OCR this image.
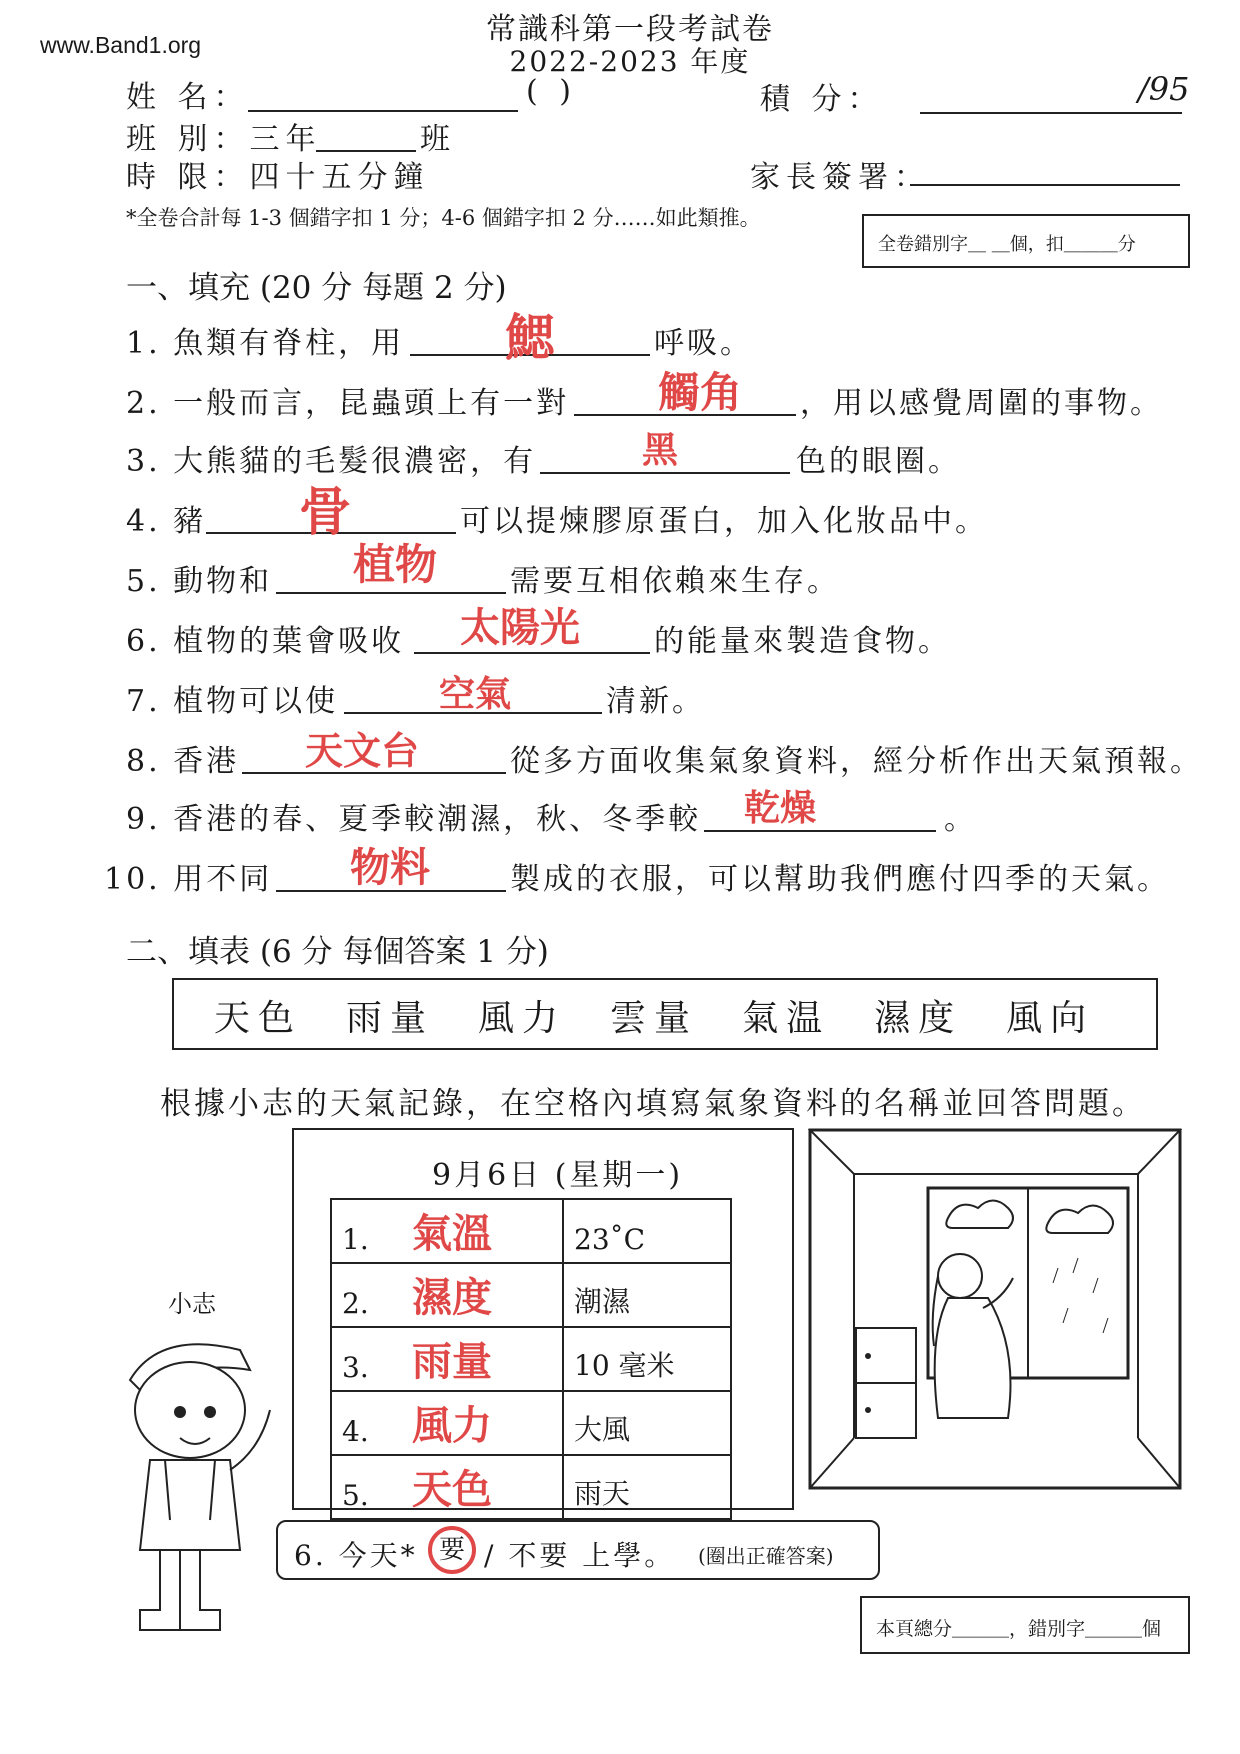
www.Band1.org	常識科第一段考試卷
2022-2023 年度
姓 名：	( )	積 分：	/95
班 別：三年	班
時 限：四十五分鐘	家長簽署：
*全卷合計每 1-3 個錯字扣 1 分；4-6 個錯字扣 2 分……如此類推。
全卷錯別字＿ ＿個，扣＿＿＿分
一、填充 (20 分 每題 2 分)
1. 魚類有脊柱，用	鰓	呼吸。
2. 一般而言，昆蟲頭上有一對	觸角	，用以感覺周圍的事物。
3. 大熊貓的毛髮很濃密，有	黑	色的眼圈。
4. 豬	骨	可以提煉膠原蛋白，加入化妝品中。
5. 動物和	植物	需要互相依賴來生存。
6. 植物的葉會吸收	太陽光	的能量來製造食物。
7. 植物可以使	空氣	清新。
8. 香港	天文台	從多方面收集氣象資料，經分析作出天氣預報。
9. 香港的春、夏季較潮濕，秋、冬季較	乾燥	。
10. 用不同	物料	製成的衣服，可以幫助我們應付四季的天氣。
二、填表 (6 分 每個答案 1 分)
天色 雨量 風力 雲量 氣温 濕度 風向
根據小志的天氣記錄，在空格內填寫氣象資料的名稱並回答問題。
9月6日 (星期一)
1. 氣溫	23˚C
2. 濕度	潮濕
3. 雨量	10 毫米
4. 風力	大風
5. 天色	雨天
小志
6. 今天* 要 / 不要 上學。 (圈出正確答案)
本頁總分＿＿＿，錯別字＿＿＿個
